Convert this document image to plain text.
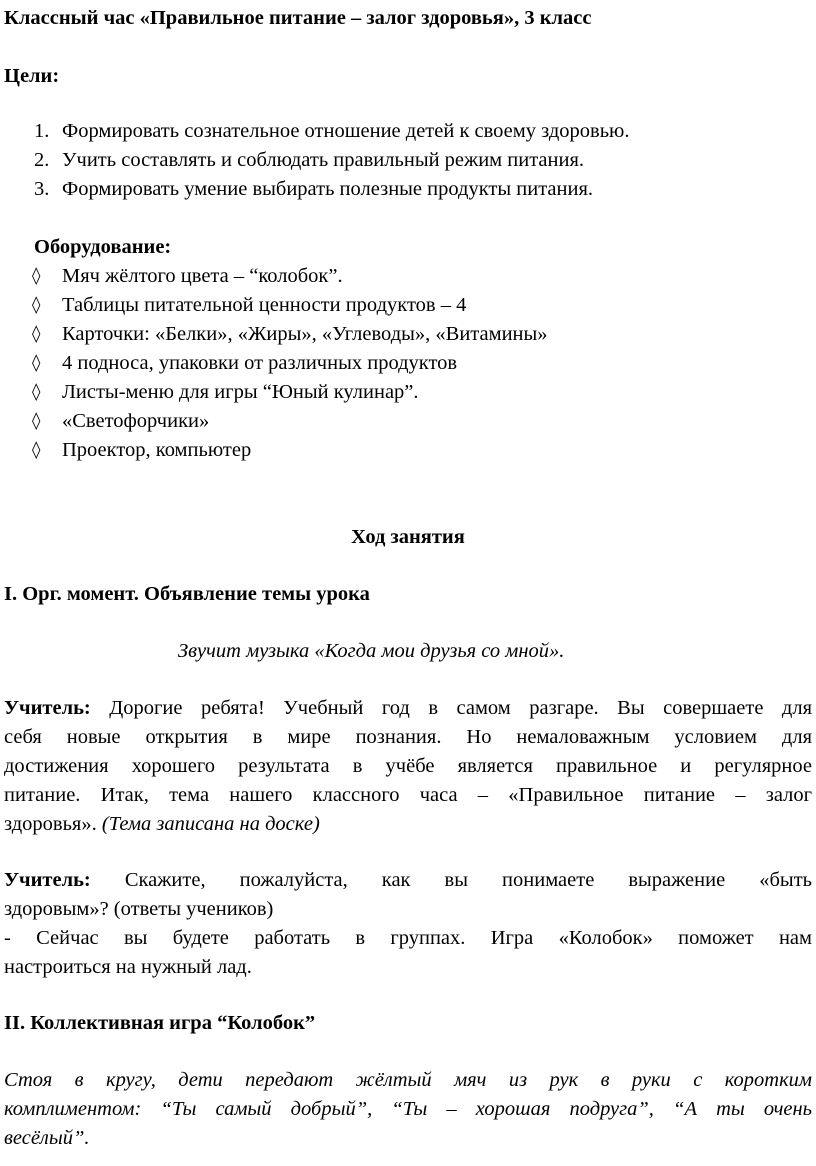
Классный час «Правильное питание – залог здоровья», 3 класс
Цели:
1. Формировать сознательное отношение детей к своему здоровью.
2. Учить составлять и соблюдать правильный режим питания.
3. Формировать умение выбирать полезные продукты питания.
Оборудование:
◊ Мяч жёлтого цвета – “колобок”.
◊ Таблицы питательной ценности продуктов – 4
◊ Карточки: «Белки», «Жиры», «Углеводы», «Витамины»
◊ 4 подноса, упаковки от различных продуктов
◊ Листы-меню для игры “Юный кулинар”.
◊ «Светофорчики»
◊ Проектор, компьютер
Ход занятия
I. Орг. момент. Объявление темы урока
Звучит музыка «Когда мои друзья со мной».
Учитель: Дорогие ребята! Учебный год в самом разгаре. Вы совершаете для
себя новые открытия в мире познания. Но немаловажным условием для
достижения хорошего результата в учёбе является правильное и регулярное
питание. Итак, тема нашего классного часа – «Правильное питание – залог
здоровья». (Тема записана на доске)
Учитель: Скажите, пожалуйста, как вы понимаете выражение «быть
здоровым»? (ответы учеников)
- Сейчас вы будете работать в группах. Игра «Колобок» поможет нам
настроиться на нужный лад.
II. Коллективная игра “Колобок”
Стоя в кругу, дети передают жёлтый мяч из рук в руки с коротким
комплиментом: “Ты самый добрый”, “Ты – хорошая подруга”, “А ты очень
весёлый”.
